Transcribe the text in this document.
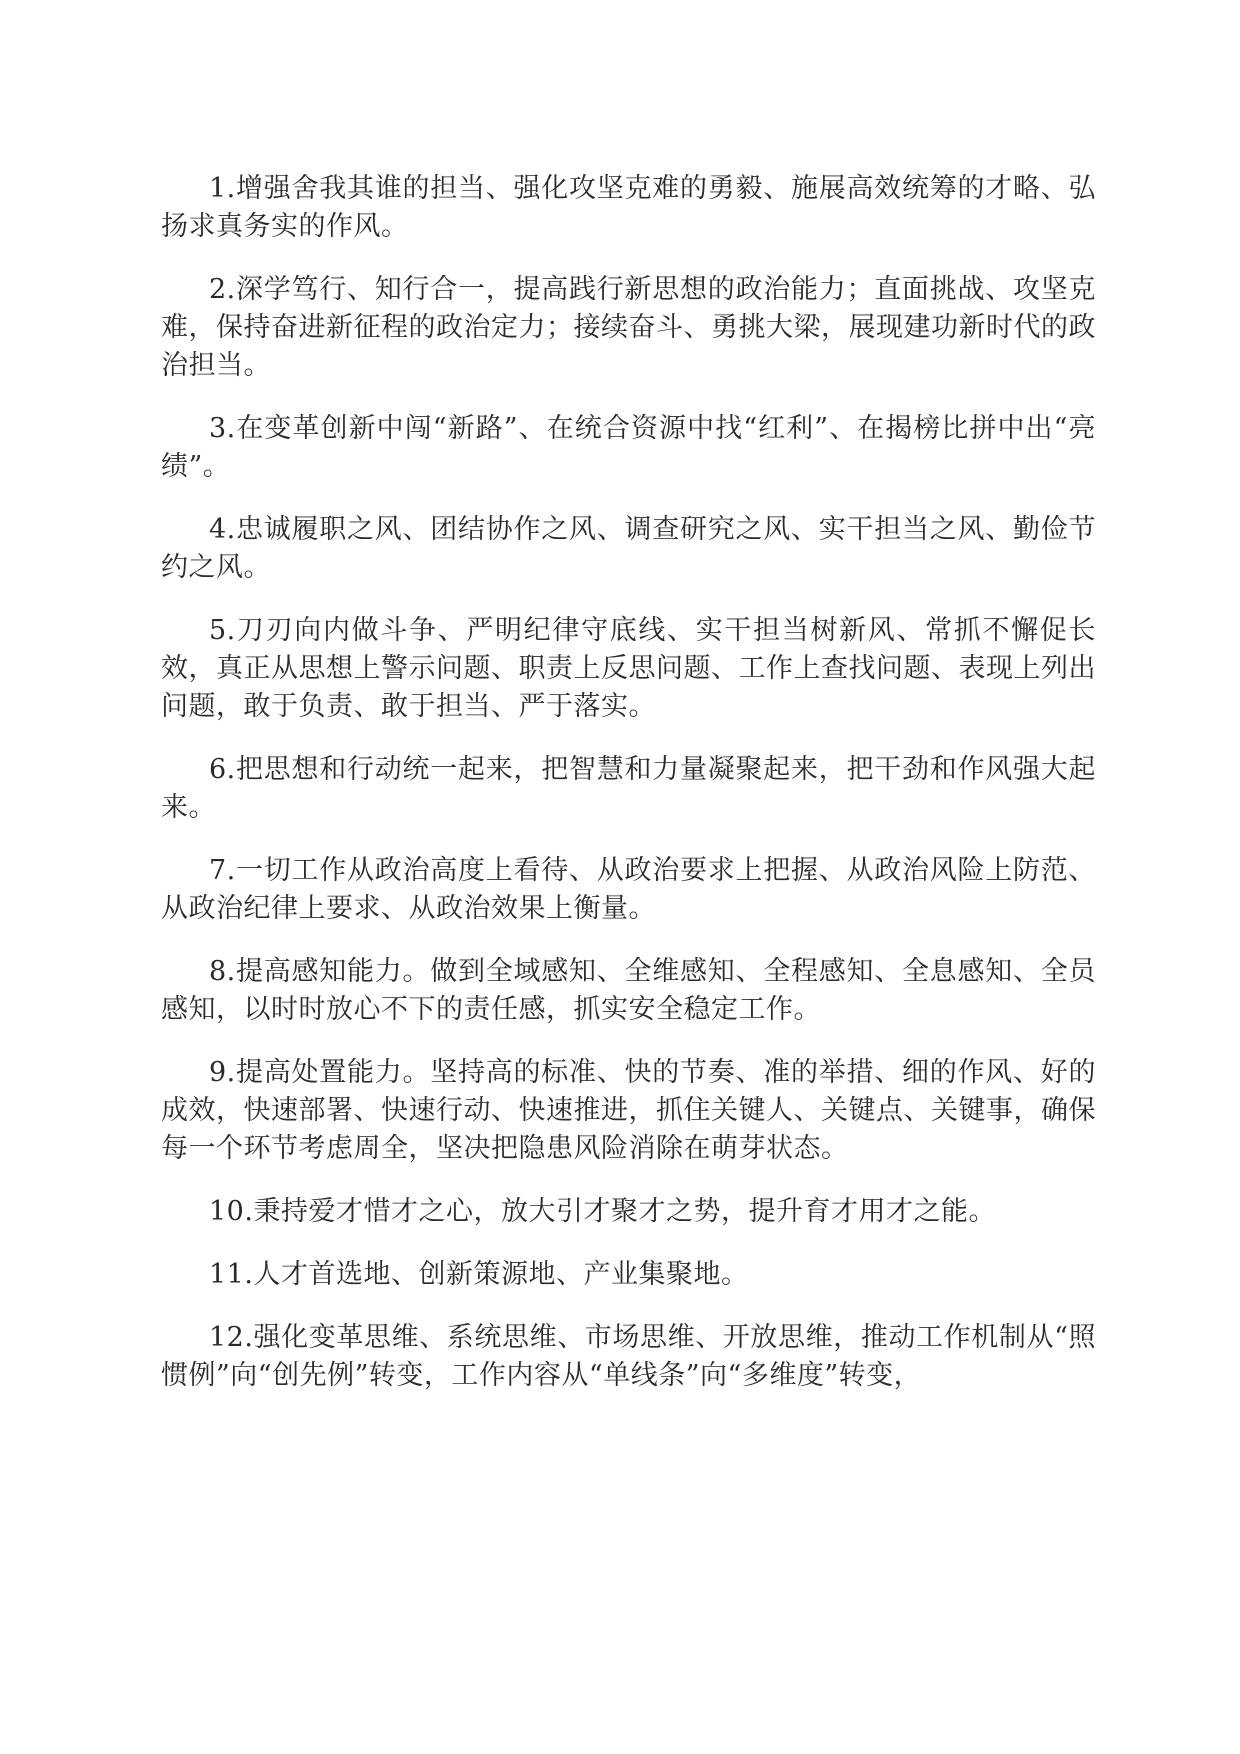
1.增强舍我其谁的担当、强化攻坚克难的勇毅、施展高效统筹的才略、弘扬求真务实的作风。

2.深学笃行、知行合一，提高践行新思想的政治能力；直面挑战、攻坚克难，保持奋进新征程的政治定力；接续奋斗、勇挑大梁，展现建功新时代的政治担当。

3.在变革创新中闯“新路”、在统合资源中找“红利”、在揭榜比拼中出“亮绩”。

4.忠诚履职之风、团结协作之风、调查研究之风、实干担当之风、勤俭节约之风。

5.刀刃向内做斗争、严明纪律守底线、实干担当树新风、常抓不懈促长效，真正从思想上警示问题、职责上反思问题、工作上查找问题、表现上列出问题，敢于负责、敢于担当、严于落实。

6.把思想和行动统一起来，把智慧和力量凝聚起来，把干劲和作风强大起来。

7.一切工作从政治高度上看待、从政治要求上把握、从政治风险上防范、从政治纪律上要求、从政治效果上衡量。

8.提高感知能力。做到全域感知、全维感知、全程感知、全息感知、全员感知，以时时放心不下的责任感，抓实安全稳定工作。

9.提高处置能力。坚持高的标准、快的节奏、准的举措、细的作风、好的成效，快速部署、快速行动、快速推进，抓住关键人、关键点、关键事，确保每一个环节考虑周全，坚决把隐患风险消除在萌芽状态。

10.秉持爱才惜才之心，放大引才聚才之势，提升育才用才之能。

11.人才首选地、创新策源地、产业集聚地。

12.强化变革思维、系统思维、市场思维、开放思维，推动工作机制从“照惯例”向“创先例”转变，工作内容从“单线条”向“多维度”转变，
